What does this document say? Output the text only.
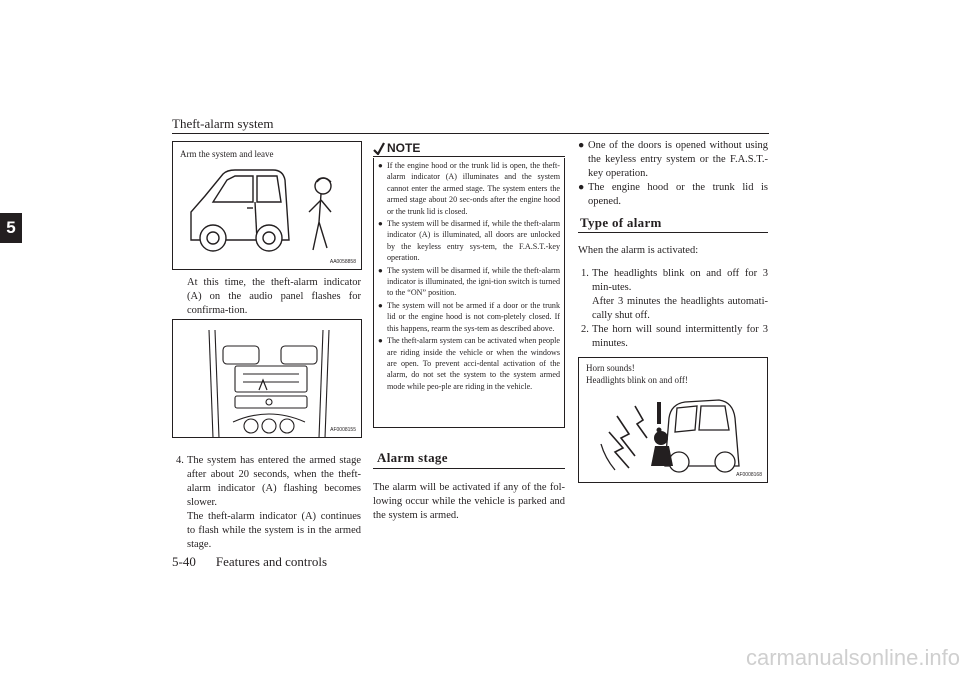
Theft-alarm system
5
Arm the system and leave
AA0058858
At this time, the theft-alarm indicator (A) on the audio panel flashes for confirma-tion.
AF0008155
4. The system has entered the armed stage after about 20 seconds, when the theft-alarm indicator (A) flashing becomes slower.
The theft-alarm indicator (A) continues to flash while the system is in the armed stage.
NOTE
● If the engine hood or the trunk lid is open, the theft-alarm indicator (A) illuminates and the system cannot enter the armed stage. The system enters the armed stage about 20 sec-onds after the engine hood or the trunk lid is closed.
● The system will be disarmed if, while the theft-alarm indicator (A) is illuminated, all doors are unlocked by the keyless entry sys-tem, the F.A.S.T.-key operation.
● The system will be disarmed if, while the theft-alarm indicator is illuminated, the igni-tion switch is turned to the “ON” position.
● The system will not be armed if a door or the trunk lid or the engine hood is not com-pletely closed. If this happens, rearm the sys-tem as described above.
● The theft-alarm system can be activated when people are riding inside the vehicle or when the windows are open. To prevent acci-dental activation of the alarm, do not set the system to the system armed mode while peo-ple are riding in the vehicle.
Alarm stage
The alarm will be activated if any of the fol-lowing occur while the vehicle is parked and the system is armed.
● One of the doors is opened without using the keyless entry system or the F.A.S.T.-key operation.
● The engine hood or the trunk lid is opened.
Type of alarm
When the alarm is activated:
1. The headlights blink on and off for 3 min-utes.
After 3 minutes the headlights automati-cally shut off.
2. The horn will sound intermittently for 3 minutes.
Horn sounds!
Headlights blink on and off!
AF0008168
5-40 Features and controls
carmanualsonline.info
